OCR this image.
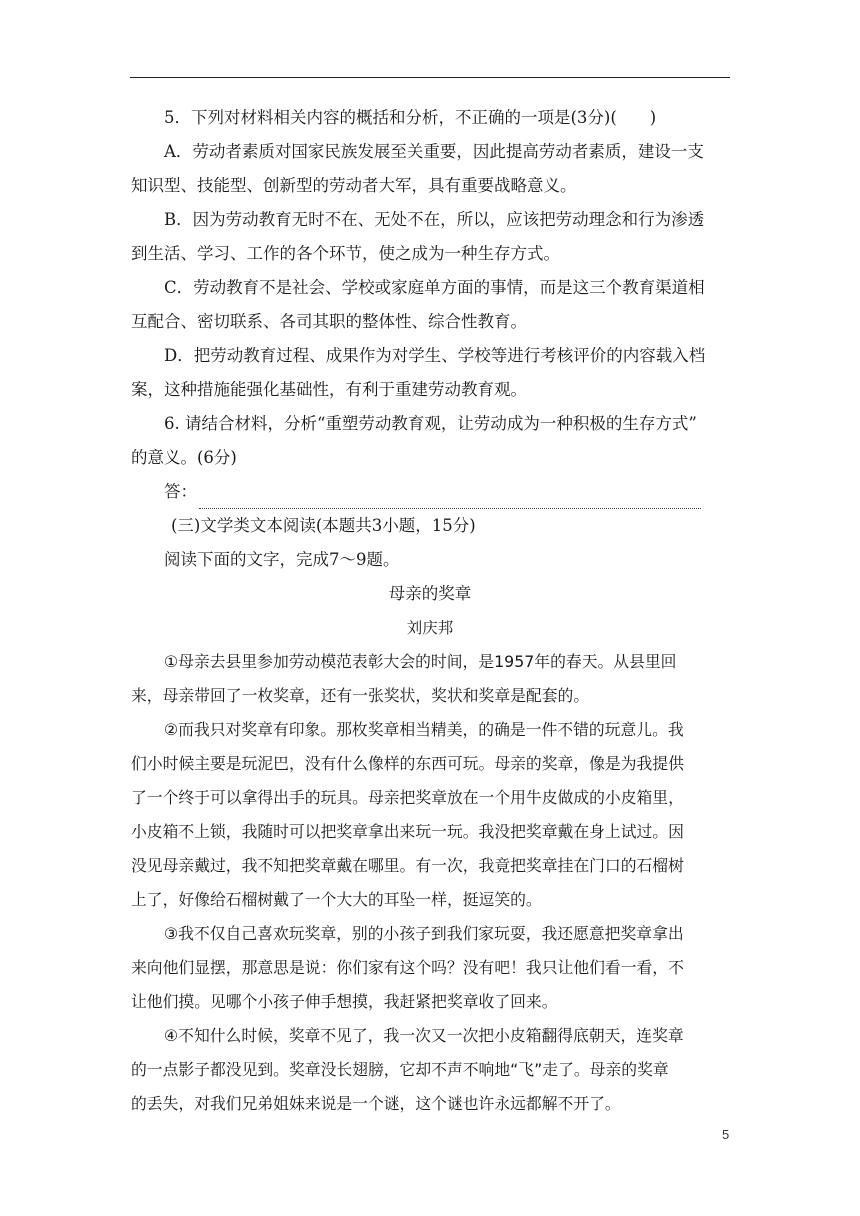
5．下列对材料相关内容的概括和分析，不正确的一项是(3分)(　　)
A．劳动者素质对国家民族发展至关重要，因此提高劳动者素质，建设一支
知识型、技能型、创新型的劳动者大军，具有重要战略意义。
B．因为劳动教育无时不在、无处不在，所以，应该把劳动理念和行为渗透
到生活、学习、工作的各个环节，使之成为一种生存方式。
C．劳动教育不是社会、学校或家庭单方面的事情，而是这三个教育渠道相
互配合、密切联系、各司其职的整体性、综合性教育。
D．把劳动教育过程、成果作为对学生、学校等进行考核评价的内容载入档
案，这种措施能强化基础性，有利于重建劳动教育观。
6. 请结合材料，分析“重塑劳动教育观，让劳动成为一种积极的生存方式”
的意义。(6分)
答：
(三)文学类文本阅读(本题共3小题，15分)
阅读下面的文字，完成7～9题。
母亲的奖章
刘庆邦
①母亲去县里参加劳动模范表彰大会的时间，是1957年的春天。从县里回
来，母亲带回了一枚奖章，还有一张奖状，奖状和奖章是配套的。
②而我只对奖章有印象。那枚奖章相当精美，的确是一件不错的玩意儿。我
们小时候主要是玩泥巴，没有什么像样的东西可玩。母亲的奖章，像是为我提供
了一个终于可以拿得出手的玩具。母亲把奖章放在一个用牛皮做成的小皮箱里，
小皮箱不上锁，我随时可以把奖章拿出来玩一玩。我没把奖章戴在身上试过。因
没见母亲戴过，我不知把奖章戴在哪里。有一次，我竟把奖章挂在门口的石榴树
上了，好像给石榴树戴了一个大大的耳坠一样，挺逗笑的。
③我不仅自己喜欢玩奖章，别的小孩子到我们家玩耍，我还愿意把奖章拿出
来向他们显摆，那意思是说：你们家有这个吗？没有吧！我只让他们看一看，不
让他们摸。见哪个小孩子伸手想摸，我赶紧把奖章收了回来。
④不知什么时候，奖章不见了，我一次又一次把小皮箱翻得底朝天，连奖章
的一点影子都没见到。奖章没长翅膀，它却不声不响地“飞”走了。母亲的奖章
的丢失，对我们兄弟姐妹来说是一个谜，这个谜也许永远都解不开了。
5
